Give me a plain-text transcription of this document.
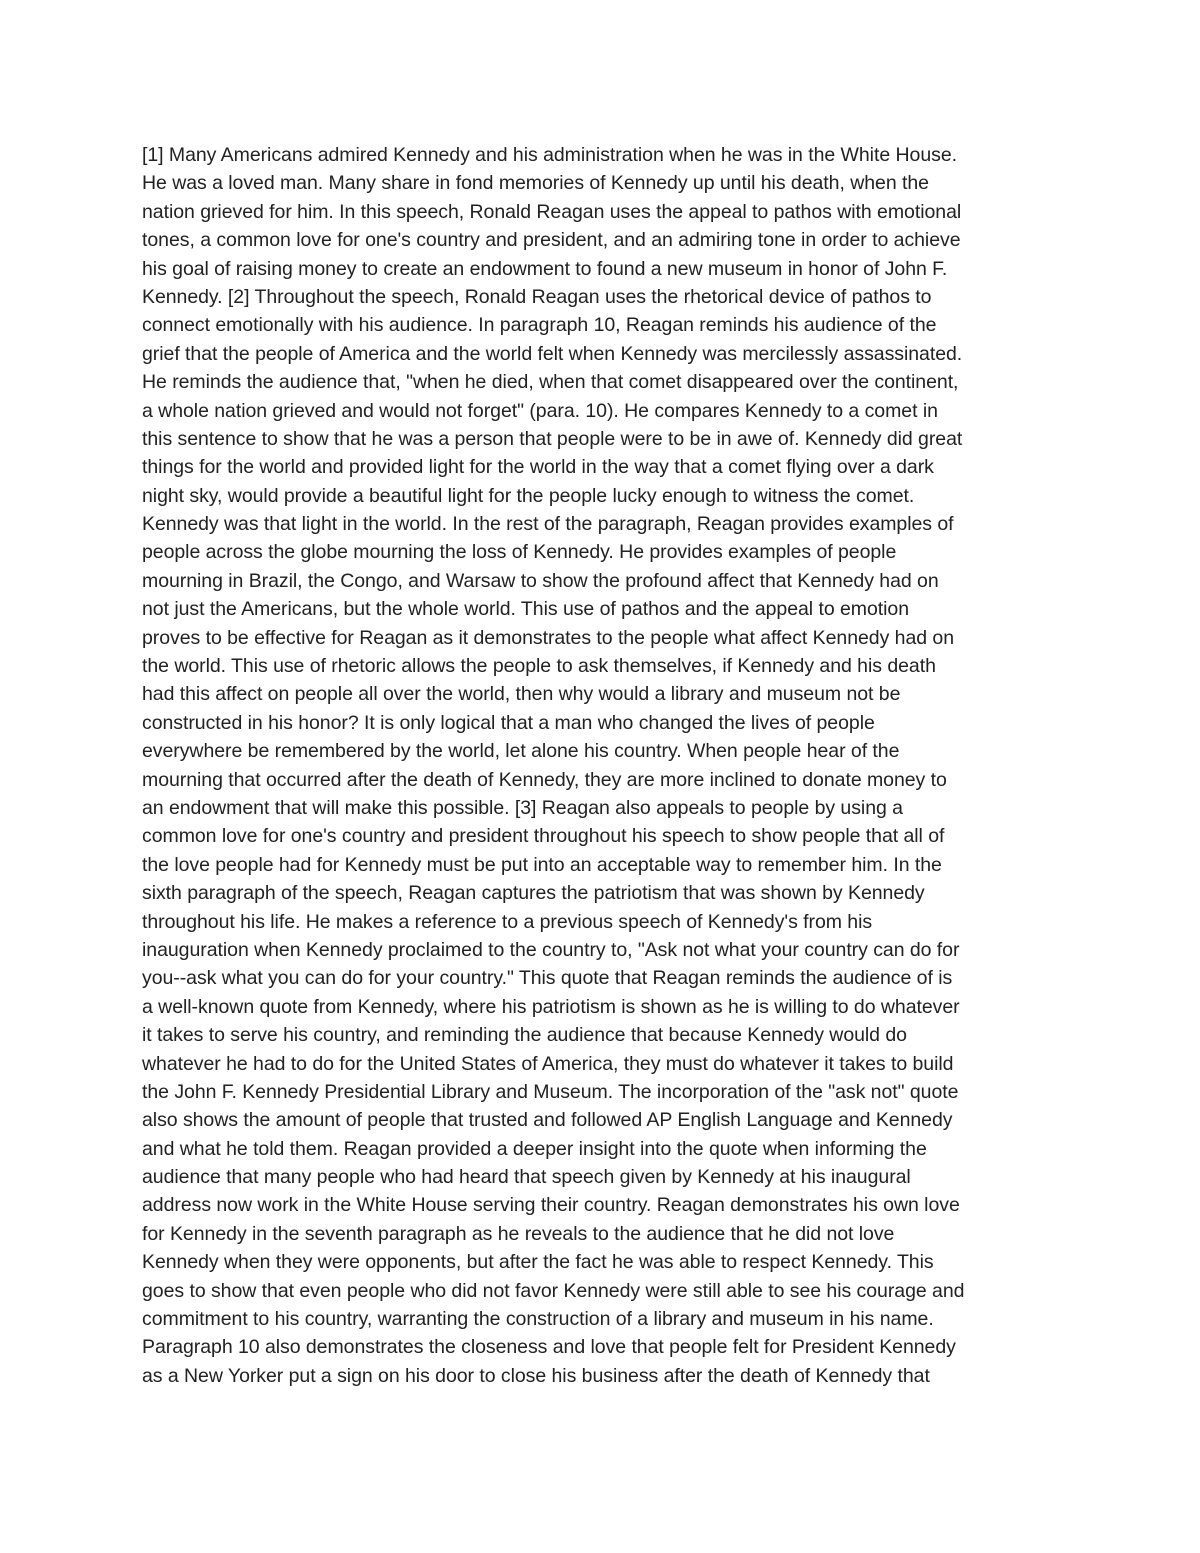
[1] Many Americans admired Kennedy and his administration when he was in the White House.
He was a loved man. Many share in fond memories of Kennedy up until his death, when the
nation grieved for him. In this speech, Ronald Reagan uses the appeal to pathos with emotional
tones, a common love for one's country and president, and an admiring tone in order to achieve
his goal of raising money to create an endowment to found a new museum in honor of John F.
Kennedy. [2] Throughout the speech, Ronald Reagan uses the rhetorical device of pathos to
connect emotionally with his audience. In paragraph 10, Reagan reminds his audience of the
grief that the people of America and the world felt when Kennedy was mercilessly assassinated.
He reminds the audience that, "when he died, when that comet disappeared over the continent,
a whole nation grieved and would not forget" (para. 10). He compares Kennedy to a comet in
this sentence to show that he was a person that people were to be in awe of. Kennedy did great
things for the world and provided light for the world in the way that a comet flying over a dark
night sky, would provide a beautiful light for the people lucky enough to witness the comet.
Kennedy was that light in the world. In the rest of the paragraph, Reagan provides examples of
people across the globe mourning the loss of Kennedy. He provides examples of people
mourning in Brazil, the Congo, and Warsaw to show the profound affect that Kennedy had on
not just the Americans, but the whole world. This use of pathos and the appeal to emotion
proves to be effective for Reagan as it demonstrates to the people what affect Kennedy had on
the world. This use of rhetoric allows the people to ask themselves, if Kennedy and his death
had this affect on people all over the world, then why would a library and museum not be
constructed in his honor? It is only logical that a man who changed the lives of people
everywhere be remembered by the world, let alone his country. When people hear of the
mourning that occurred after the death of Kennedy, they are more inclined to donate money to
an endowment that will make this possible. [3] Reagan also appeals to people by using a
common love for one's country and president throughout his speech to show people that all of
the love people had for Kennedy must be put into an acceptable way to remember him. In the
sixth paragraph of the speech, Reagan captures the patriotism that was shown by Kennedy
throughout his life. He makes a reference to a previous speech of Kennedy's from his
inauguration when Kennedy proclaimed to the country to, "Ask not what your country can do for
you--ask what you can do for your country." This quote that Reagan reminds the audience of is
a well-known quote from Kennedy, where his patriotism is shown as he is willing to do whatever
it takes to serve his country, and reminding the audience that because Kennedy would do
whatever he had to do for the United States of America, they must do whatever it takes to build
the John F. Kennedy Presidential Library and Museum. The incorporation of the "ask not" quote
also shows the amount of people that trusted and followed AP English Language and Kennedy
and what he told them. Reagan provided a deeper insight into the quote when informing the
audience that many people who had heard that speech given by Kennedy at his inaugural
address now work in the White House serving their country. Reagan demonstrates his own love
for Kennedy in the seventh paragraph as he reveals to the audience that he did not love
Kennedy when they were opponents, but after the fact he was able to respect Kennedy. This
goes to show that even people who did not favor Kennedy were still able to see his courage and
commitment to his country, warranting the construction of a library and museum in his name.
Paragraph 10 also demonstrates the closeness and love that people felt for President Kennedy
as a New Yorker put a sign on his door to close his business after the death of Kennedy that
